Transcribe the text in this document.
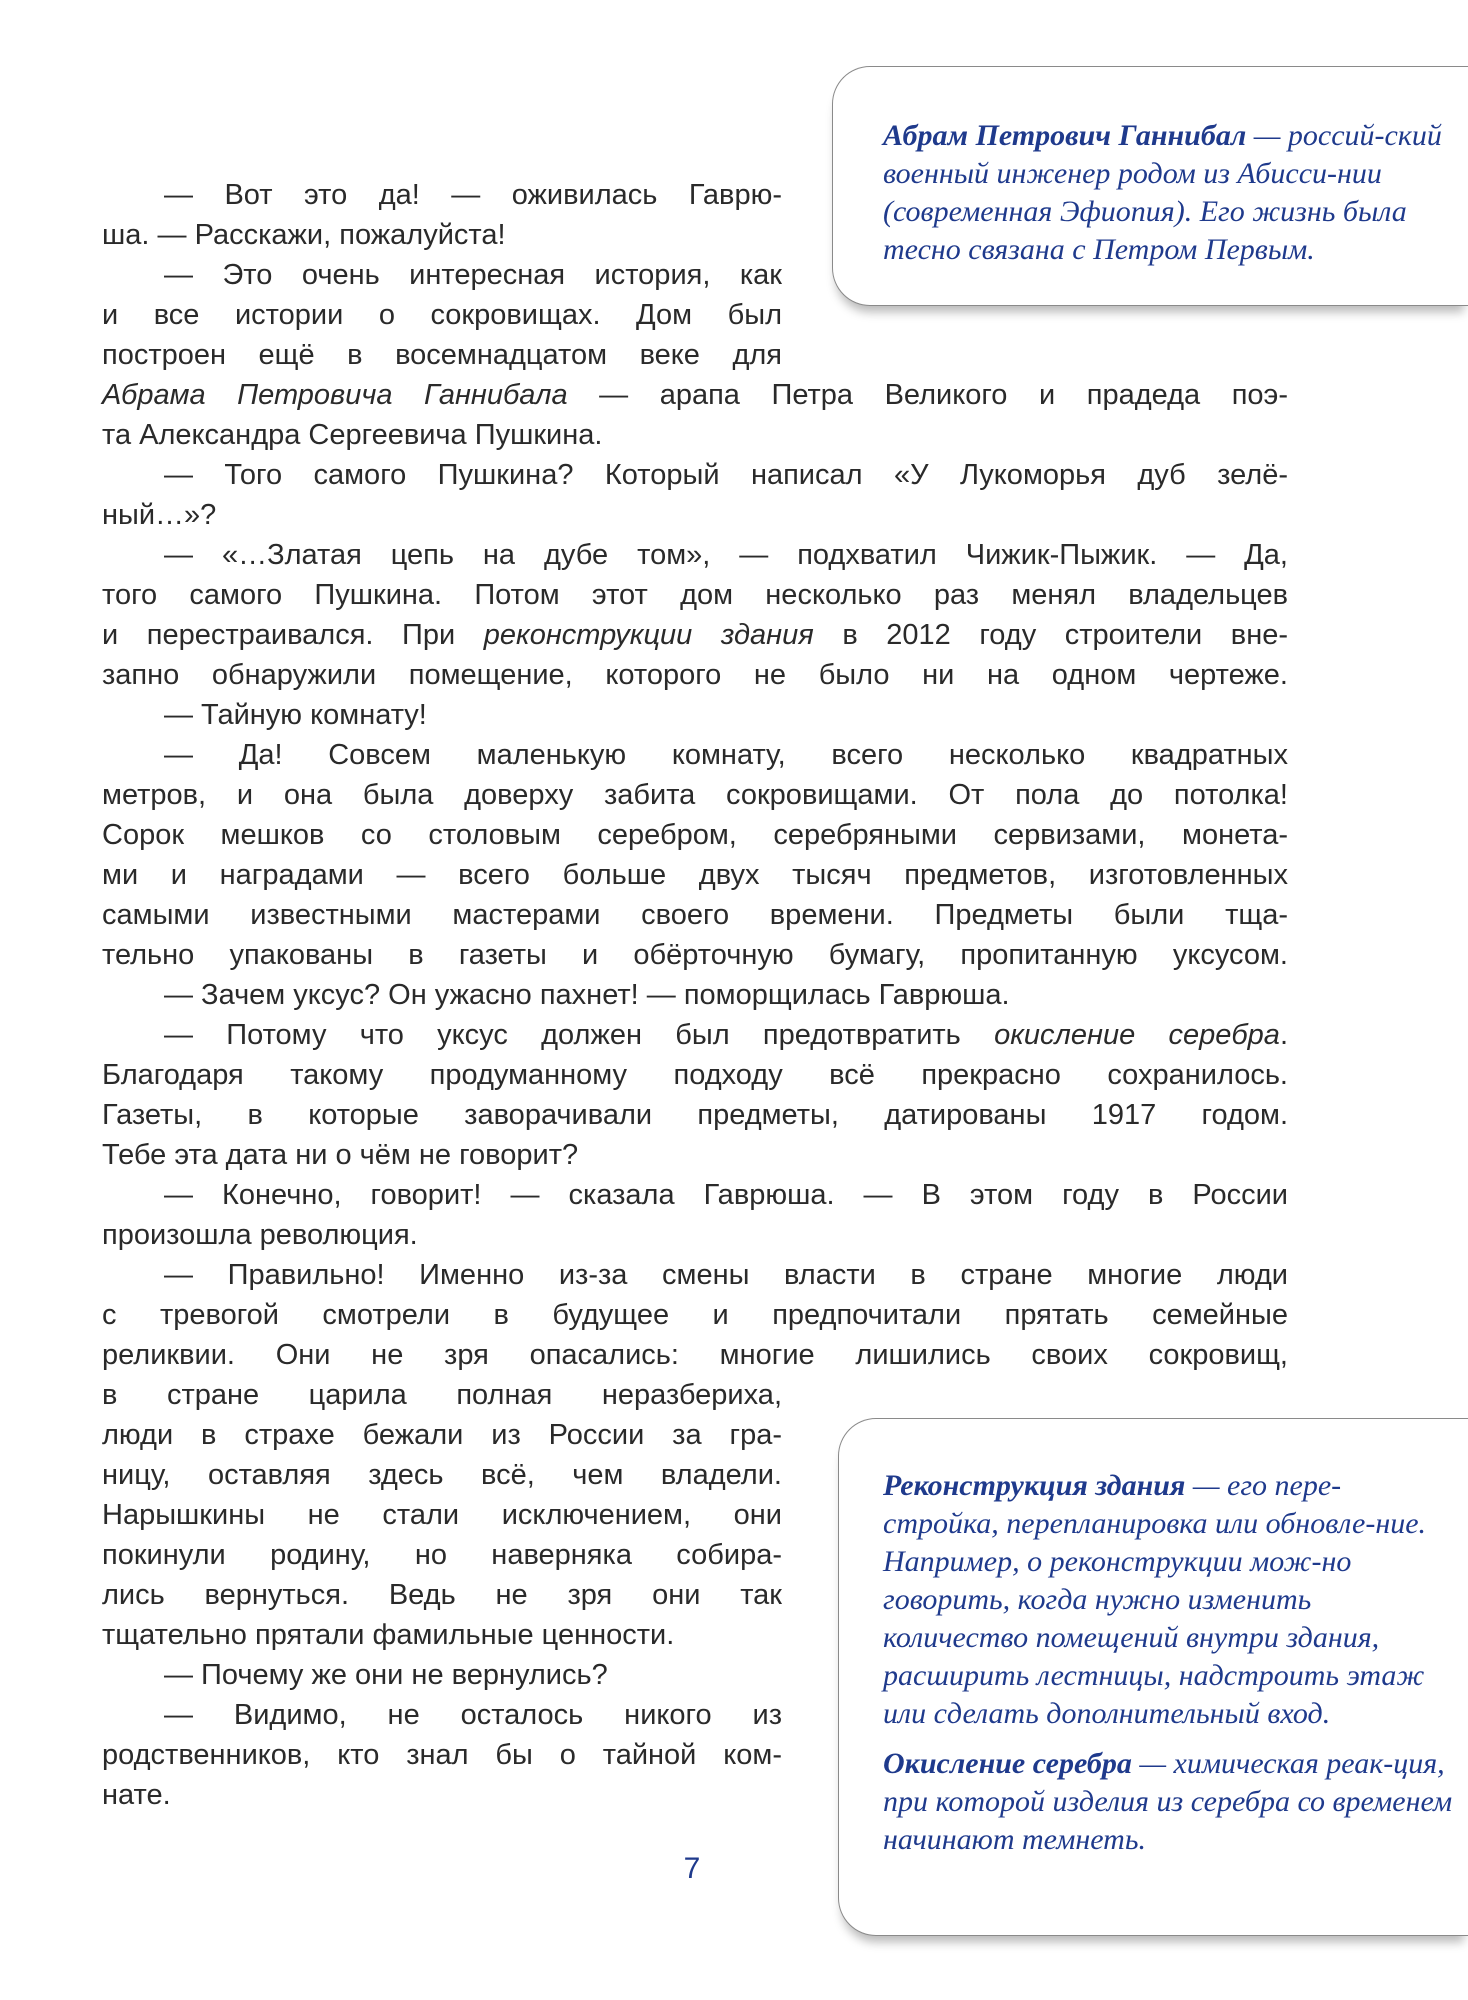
Абрам Петрович Ганнибал — россий-ский военный инженер родом из Абисси-нии (современная Эфиопия). Его жизнь была тесно связана с Петром Первым.

Реконструкция здания — его пере-стройка, перепланировка или обновле-ние. Например, о реконструкции мож-но говорить, когда нужно изменить количество помещений внутри здания, расширить лестницы, надстроить этаж или сделать дополнительный вход.

Окисление серебра — химическая реак-ция, при которой изделия из серебра со временем начинают темнеть.

— Вот это да! — оживилась Гаврю-
ша. — Расскажи, пожалуйста!
— Это очень интересная история, как
и все истории о сокровищах. Дом был
построен ещё в восемнадцатом веке для
Абрама Петровича Ганнибала — арапа Петра Великого и прадеда поэ-
та Александра Сергеевича Пушкина.
— Того самого Пушкина? Который написал «У Лукоморья дуб зелё-
ный…»?
— «…Златая цепь на дубе том», — подхватил Чижик-Пыжик. — Да,
того самого Пушкина. Потом этот дом несколько раз менял владельцев
и перестраивался. При реконструкции здания в 2012 году строители вне-
запно обнаружили помещение, которого не было ни на одном чертеже.
— Тайную комнату!
— Да! Совсем маленькую комнату, всего несколько квадратных
метров, и она была доверху забита сокровищами. От пола до потолка!
Сорок мешков со столовым серебром, серебряными сервизами, монета-
ми и наградами — всего больше двух тысяч предметов, изготовленных
самыми известными мастерами своего времени. Предметы были тща-
тельно упакованы в газеты и обёрточную бумагу, пропитанную уксусом.
— Зачем уксус? Он ужасно пахнет! — поморщилась Гаврюша.
— Потому что уксус должен был предотвратить окисление серебра.
Благодаря такому продуманному подходу всё прекрасно сохранилось.
Газеты, в которые заворачивали предметы, датированы 1917 годом.
Тебе эта дата ни о чём не говорит?
— Конечно, говорит! — сказала Гаврюша. — В этом году в России
произошла революция.
— Правильно! Именно из-за смены власти в стране многие люди
с тревогой смотрели в будущее и предпочитали прятать семейные
реликвии. Они не зря опасались: многие лишились своих сокровищ,
в стране царила полная неразбериха,
люди в страхе бежали из России за гра-
ницу, оставляя здесь всё, чем владели.
Нарышкины не стали исключением, они
покинули родину, но наверняка собира-
лись вернуться. Ведь не зря они так
тщательно прятали фамильные ценности.
— Почему же они не вернулись?
— Видимо, не осталось никого из
родственников, кто знал бы о тайной ком-
нате.
7
